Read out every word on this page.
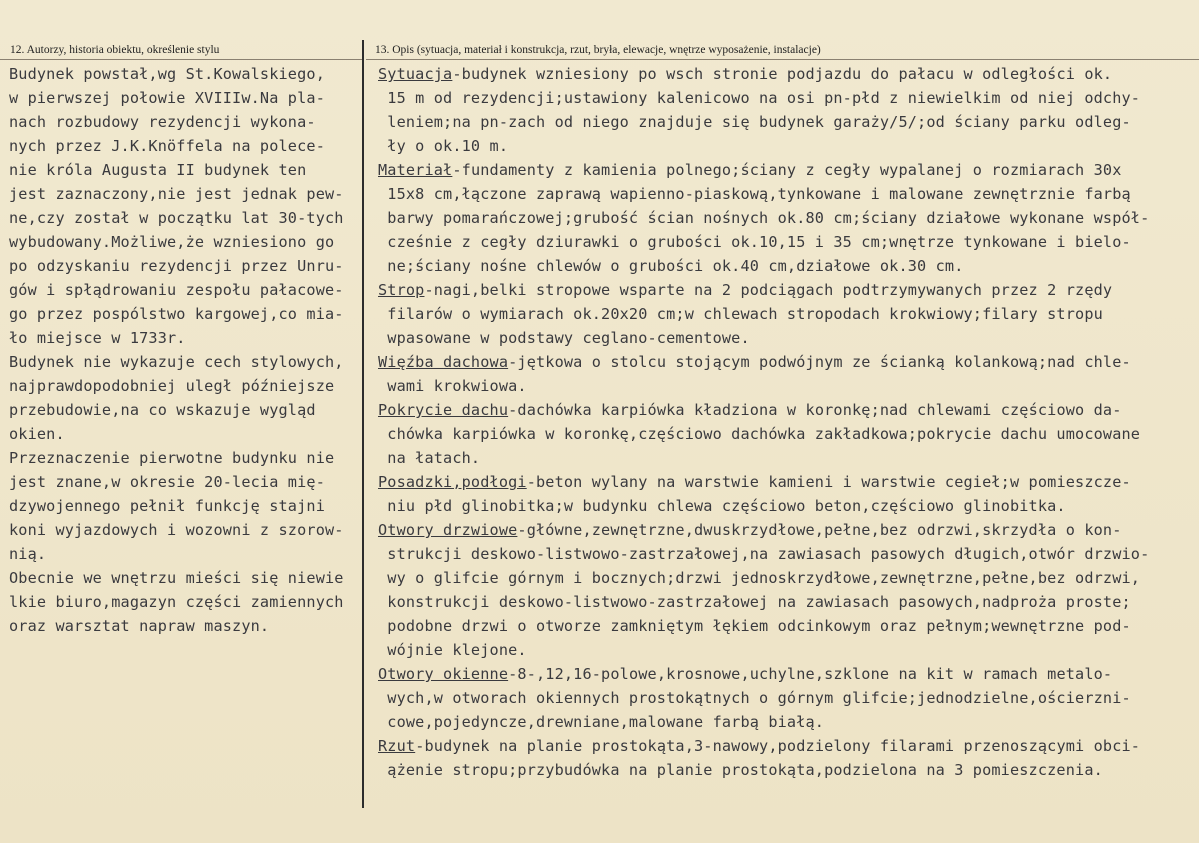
12. Autorzy, historia obiektu, określenie stylu	13. Opis (sytuacja, materiał i konstrukcja, rzut, bryła, elewacje, wnętrze wyposażenie, instalacje)
Budynek powstał,wg St.Kowalskiego,
w pierwszej połowie XVIIIw.Na pla-
nach rozbudowy rezydencji wykona-
nych przez J.K.Knöffela na polece-
nie króla Augusta II budynek ten
jest zaznaczony,nie jest jednak pew-
ne,czy został w początku lat 30-tych
wybudowany.Możliwe,że wzniesiono go
po odzyskaniu rezydencji przez Unru-
gów i spłądrowaniu zespołu pałacowe-
go przez pospólstwo kargowej,co mia-
ło miejsce w 1733r.
Budynek nie wykazuje cech stylowych,
najprawdopodobniej uległ późniejsze
przebudowie,na co wskazuje wygląd
okien.
Przeznaczenie pierwotne budynku nie
jest znane,w okresie 20-lecia mię-
dzywojennego pełnił funkcję stajni
koni wyjazdowych i wozowni z szorow-
nią.
Obecnie we wnętrzu mieści się niewie
lkie biuro,magazyn części zamiennych
oraz warsztat napraw maszyn.
Sytuacja-budynek wzniesiony po wsch stronie podjazdu do pałacu w odległości ok.
15 m od rezydencji;ustawiony kalenicowo na osi pn-płd z niewielkim od niej odchy-
leniem;na pn-zach od niego znajduje się budynek garaży/5/;od ściany parku odleg-
ły o ok.10 m.
Materiał-fundamenty z kamienia polnego;ściany z cegły wypalanej o rozmiarach 30x
15x8 cm,łączone zaprawą wapienno-piaskową,tynkowane i malowane zewnętrznie farbą
barwy pomarańczowej;grubość ścian nośnych ok.80 cm;ściany działowe wykonane współ-
cześnie z cegły dziurawki o grubości ok.10,15 i 35 cm;wnętrze tynkowane i bielo-
ne;ściany nośne chlewów o grubości ok.40 cm,działowe ok.30 cm.
Strop-nagi,belki stropowe wsparte na 2 podciągach podtrzymywanych przez 2 rzędy
filarów o wymiarach ok.20x20 cm;w chlewach stropodach krokwiowy;filary stropu
wpasowane w podstawy ceglano-cementowe.
Więźba dachowa-jętkowa o stolcu stojącym podwójnym ze ścianką kolankową;nad chle-
wami krokwiowa.
Pokrycie dachu-dachówka karpiówka kładziona w koronkę;nad chlewami częściowo da-
chówka karpiówka w koronkę,częściowo dachówka zakładkowa;pokrycie dachu umocowane
na łatach.
Posadzki,podłogi-beton wylany na warstwie kamieni i warstwie cegieł;w pomieszcze-
niu płd glinobitka;w budynku chlewa częściowo beton,częściowo glinobitka.
Otwory drzwiowe-główne,zewnętrzne,dwuskrzydłowe,pełne,bez odrzwi,skrzydła o kon-
strukcji deskowo-listwowo-zastrzałowej,na zawiasach pasowych długich,otwór drzwio-
wy o glifcie górnym i bocznych;drzwi jednoskrzydłowe,zewnętrzne,pełne,bez odrzwi,
konstrukcji deskowo-listwowo-zastrzałowej na zawiasach pasowych,nadproża proste;
podobne drzwi o otworze zamkniętym łękiem odcinkowym oraz pełnym;wewnętrzne pod-
wójnie klejone.
Otwory okienne-8-,12,16-polowe,krosnowe,uchylne,szklone na kit w ramach metalo-
wych,w otworach okiennych prostokątnych o górnym glifcie;jednodzielne,ościerzni-
cowe,pojedyncze,drewniane,malowane farbą białą.
Rzut-budynek na planie prostokąta,3-nawowy,podzielony filarami przenoszącymi obci-
ążenie stropu;przybudówka na planie prostokąta,podzielona na 3 pomieszczenia.
